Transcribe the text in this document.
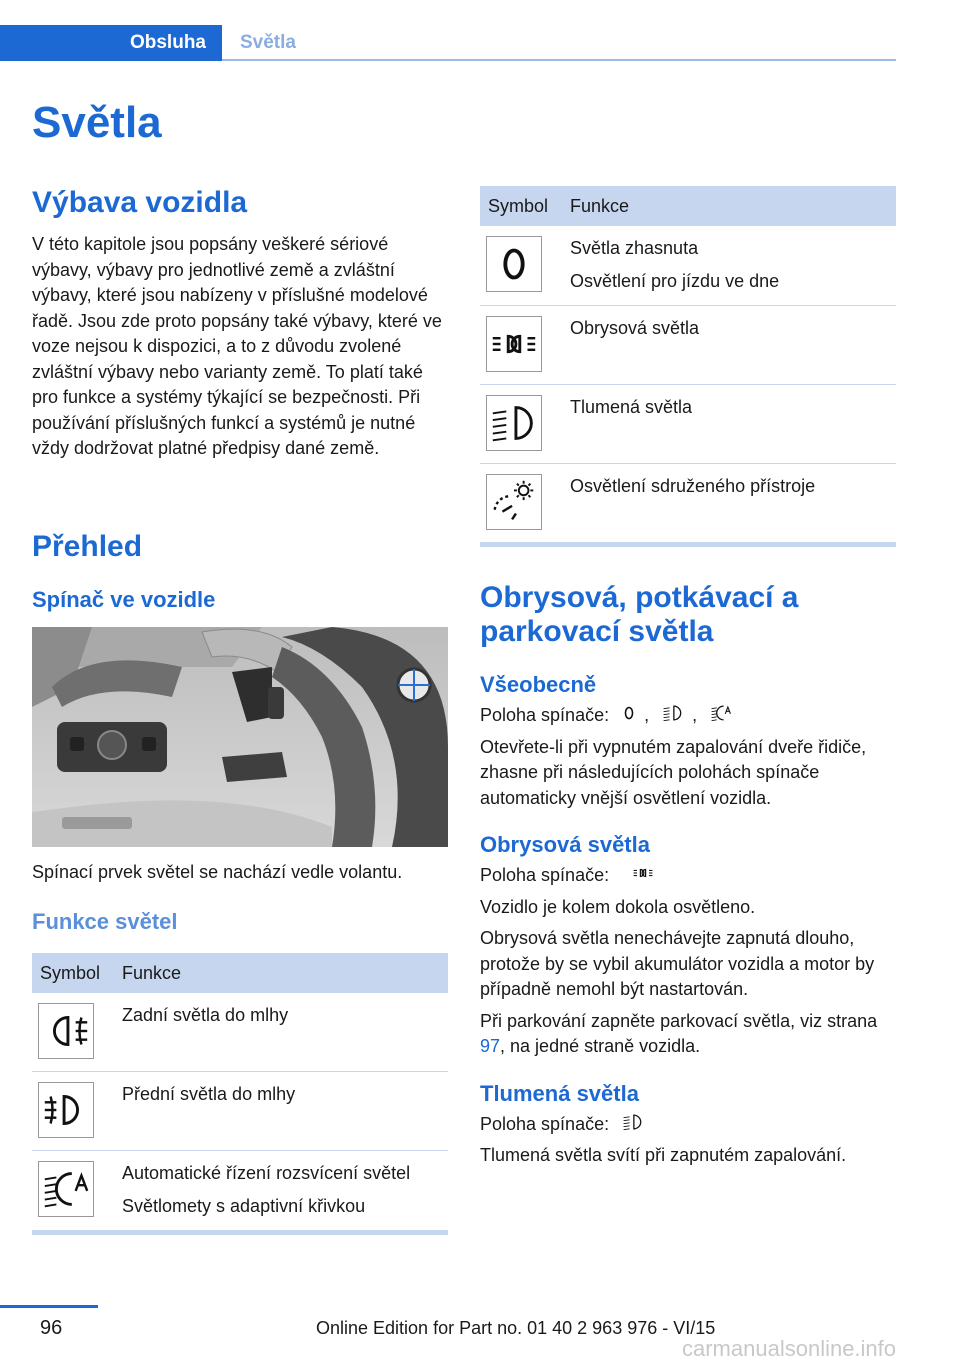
Obsluha Světla
Světla
Výbava vozidla

V této kapitole jsou popsány veškeré sériové výbavy, výbavy pro jednotlivé země a zvláštní výbavy, které jsou nabízeny v příslušné modelové řadě. Jsou zde proto popsány také výbavy, které ve voze nejsou k dispozici, a to z důvodu zvolené zvláštní výbavy nebo varianty země. To platí také pro funkce a systémy týkající se bezpečnosti. Při používání příslušných funkcí a systémů je nutné vždy dodržovat platné předpisy dané země.

Přehled
Spínač ve vozidle

Spínací prvek světel se nachází vedle volantu.

Funkce světel
Symbol	Funkce

Zadní světla do mlhy

Přední světla do mlhy

Automatické řízení rozsvícení světel
Světlomety s adaptivní křivkou
Symbol	Funkce

Světla zhasnuta
Osvětlení pro jízdu ve dne

Obrysová světla

Tlumená světla

Osvětlení sdruženého přístroje
Obrysová, potkávací a parkovací světla
Všeobecně

Poloha spínače: , ,

Otevřete-li při vypnutém zapalování dveře řidiče, zhasne při následujících polohách spínače automaticky vnější osvětlení vozidla.

Obrysová světla

Poloha spínače:

Vozidlo je kolem dokola osvětleno.

Obrysová světla nenechávejte zapnutá dlouho, protože by se vybil akumulátor vozidla a motor by případně nemohl být nastartován.

Při parkování zapněte parkovací světla, viz strana 97, na jedné straně vozidla.

Tlumená světla

Poloha spínače:

Tlumená světla svítí při zapnutém zapalování.

96	Online Edition for Part no. 01 40 2 963 976 - VI/15
carmanualsonline.info
